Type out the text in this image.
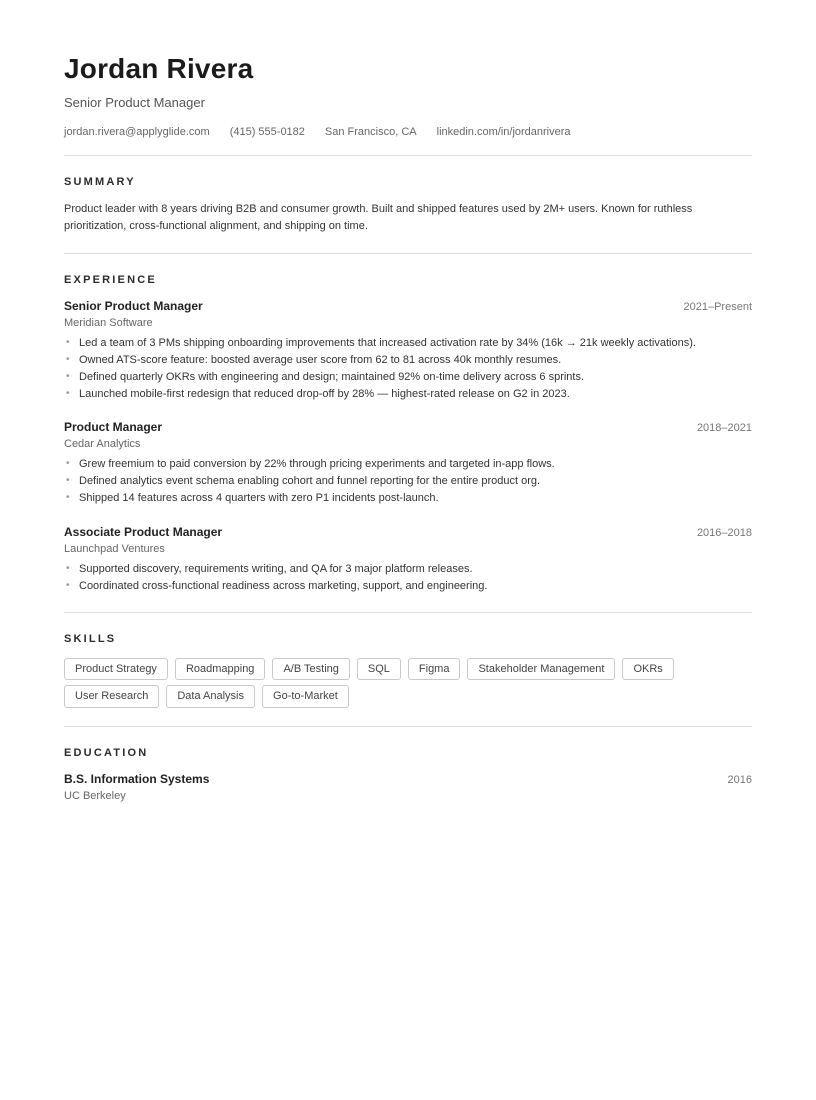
Jordan Rivera
Senior Product Manager
jordan.rivera@applyglide.com (415) 555-0182 San Francisco, CA linkedin.com/in/jordanrivera
SUMMARY

Product leader with 8 years driving B2B and consumer growth. Built and shipped features used by 2M+ users. Known for ruthless prioritization, cross-functional alignment, and shipping on time.

EXPERIENCE
Senior Product Manager	2021–Present
Meridian Software
• Led a team of 3 PMs shipping onboarding improvements that increased activation rate by 34% (16k → 21k weekly activations).
• Owned ATS-score feature: boosted average user score from 62 to 81 across 40k monthly resumes.
• Defined quarterly OKRs with engineering and design; maintained 92% on-time delivery across 6 sprints.
• Launched mobile-first redesign that reduced drop-off by 28% — highest-rated release on G2 in 2023.
Product Manager	2018–2021
Cedar Analytics
• Grew freemium to paid conversion by 22% through pricing experiments and targeted in-app flows.
• Defined analytics event schema enabling cohort and funnel reporting for the entire product org.
• Shipped 14 features across 4 quarters with zero P1 incidents post-launch.
Associate Product Manager	2016–2018
Launchpad Ventures
• Supported discovery, requirements writing, and QA for 3 major platform releases.
• Coordinated cross-functional readiness across marketing, support, and engineering.
SKILLS
Product Strategy	Roadmapping	A/B Testing	SQL	Figma	Stakeholder Management	OKRs
User Research	Data Analysis	Go-to-Market
EDUCATION
B.S. Information Systems	2016
UC Berkeley
